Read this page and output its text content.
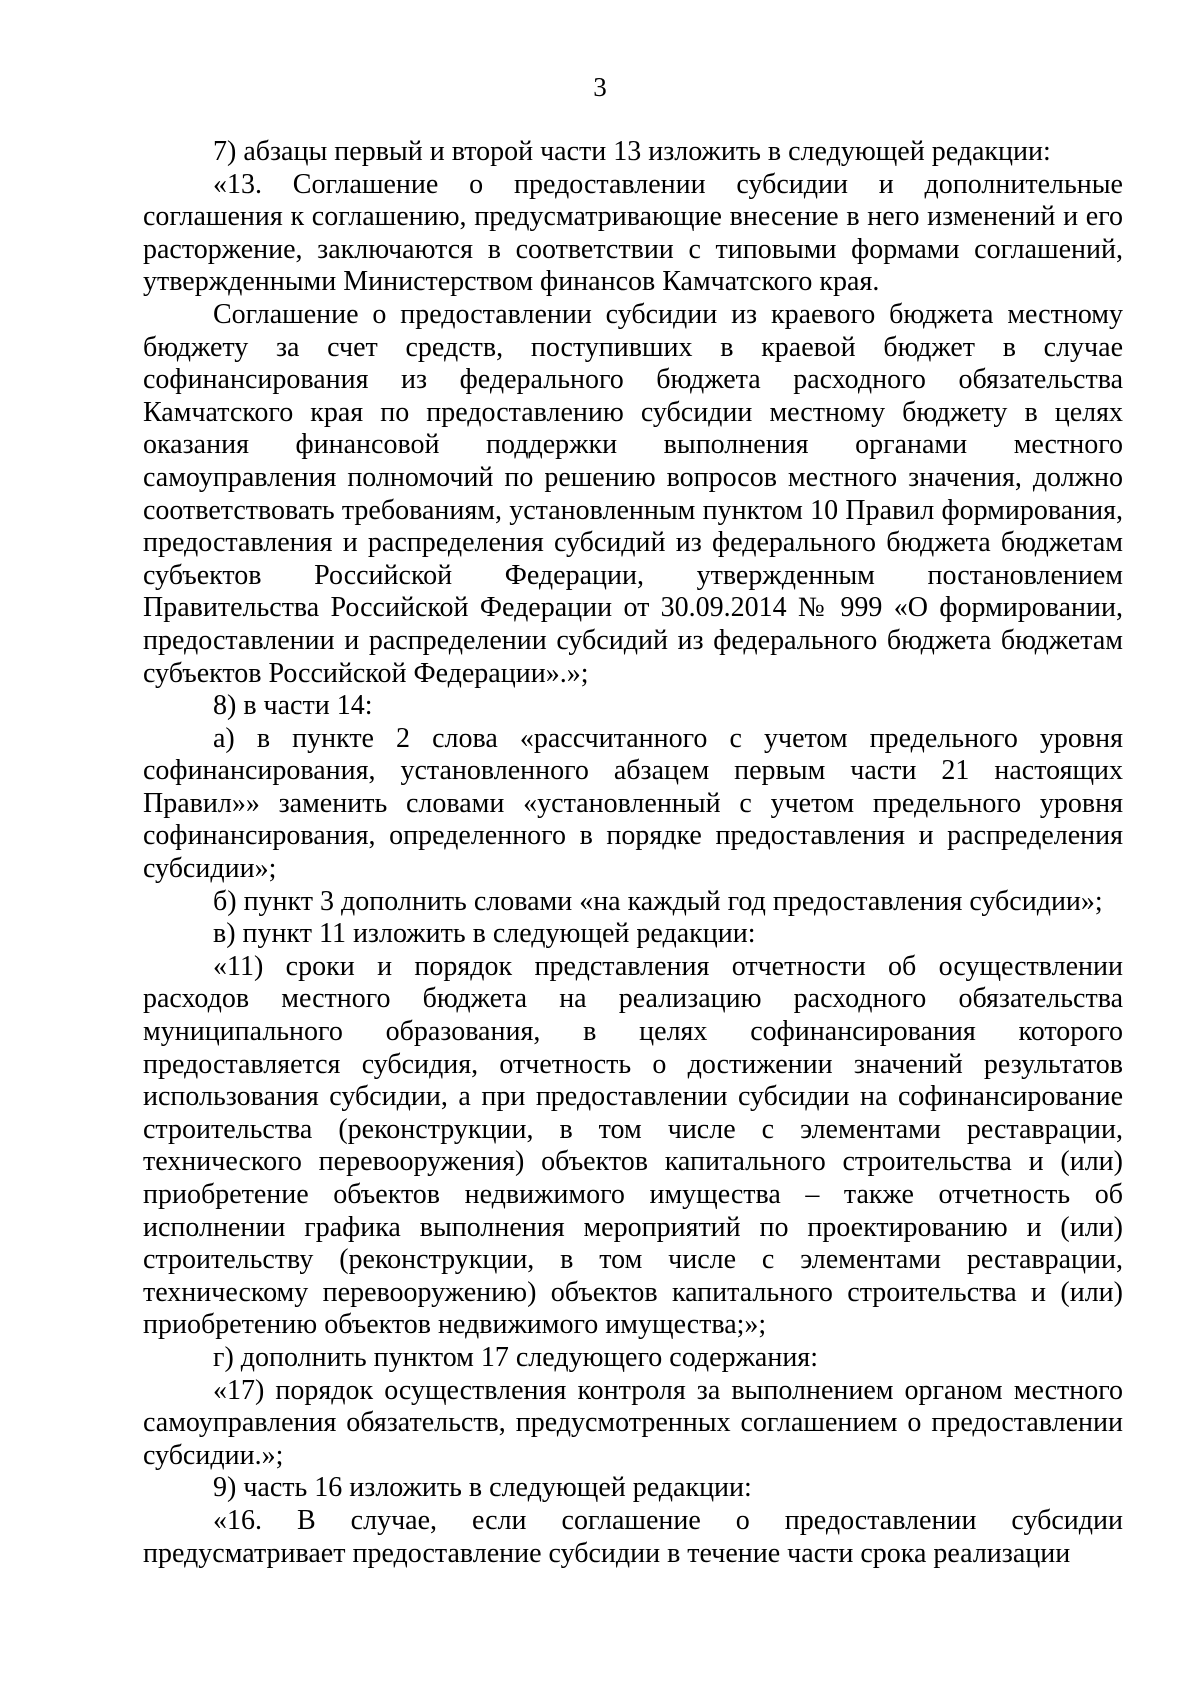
3

7) абзацы первый и второй части 13 изложить в следующей редакции:

«13. Соглашение о предоставлении субсидии и дополнительные соглашения к соглашению, предусматривающие внесение в него изменений и его расторжение, заключаются в соответствии с типовыми формами соглашений, утвержденными Министерством финансов Камчатского края.

Соглашение о предоставлении субсидии из краевого бюджета местному бюджету за счет средств, поступивших в краевой бюджет в случае софинансирования из федерального бюджета расходного обязательства Камчатского края по предоставлению субсидии местному бюджету в целях оказания финансовой поддержки выполнения органами местного самоуправления полномочий по решению вопросов местного значения, должно соответствовать требованиям, установленным пунктом 10 Правил формирования, предоставления и распределения субсидий из федерального бюджета бюджетам субъектов Российской Федерации, утвержденным постановлением Правительства Российской Федерации от 30.09.2014 № 999 «О формировании, предоставлении и распределении субсидий из федерального бюджета бюджетам субъектов Российской Федерации».»;

8) в части 14:

а) в пункте 2 слова «рассчитанного с учетом предельного уровня софинансирования, установленного абзацем первым части 21 настоящих Правил»» заменить словами «установленный с учетом предельного уровня софинансирования, определенного в порядке предоставления и распределения субсидии»;

б) пункт 3 дополнить словами «на каждый год предоставления субсидии»;

в) пункт 11 изложить в следующей редакции:

«11) сроки и порядок представления отчетности об осуществлении расходов местного бюджета на реализацию расходного обязательства муниципального образования, в целях софинансирования которого предоставляется субсидия, отчетность о достижении значений результатов использования субсидии, а при предоставлении субсидии на софинансирование строительства (реконструкции, в том числе с элементами реставрации, технического перевооружения) объектов капитального строительства и (или) приобретение объектов недвижимого имущества – также отчетность об исполнении графика выполнения мероприятий по проектированию и (или) строительству (реконструкции, в том числе с элементами реставрации, техническому перевооружению) объектов капитального строительства и (или) приобретению объектов недвижимого имущества;»;

г) дополнить пунктом 17 следующего содержания:

«17) порядок осуществления контроля за выполнением органом местного самоуправления обязательств, предусмотренных соглашением о предоставлении субсидии.»;

9) часть 16 изложить в следующей редакции:

«16. В случае, если соглашение о предоставлении субсидии предусматривает предоставление субсидии в течение части срока реализации
